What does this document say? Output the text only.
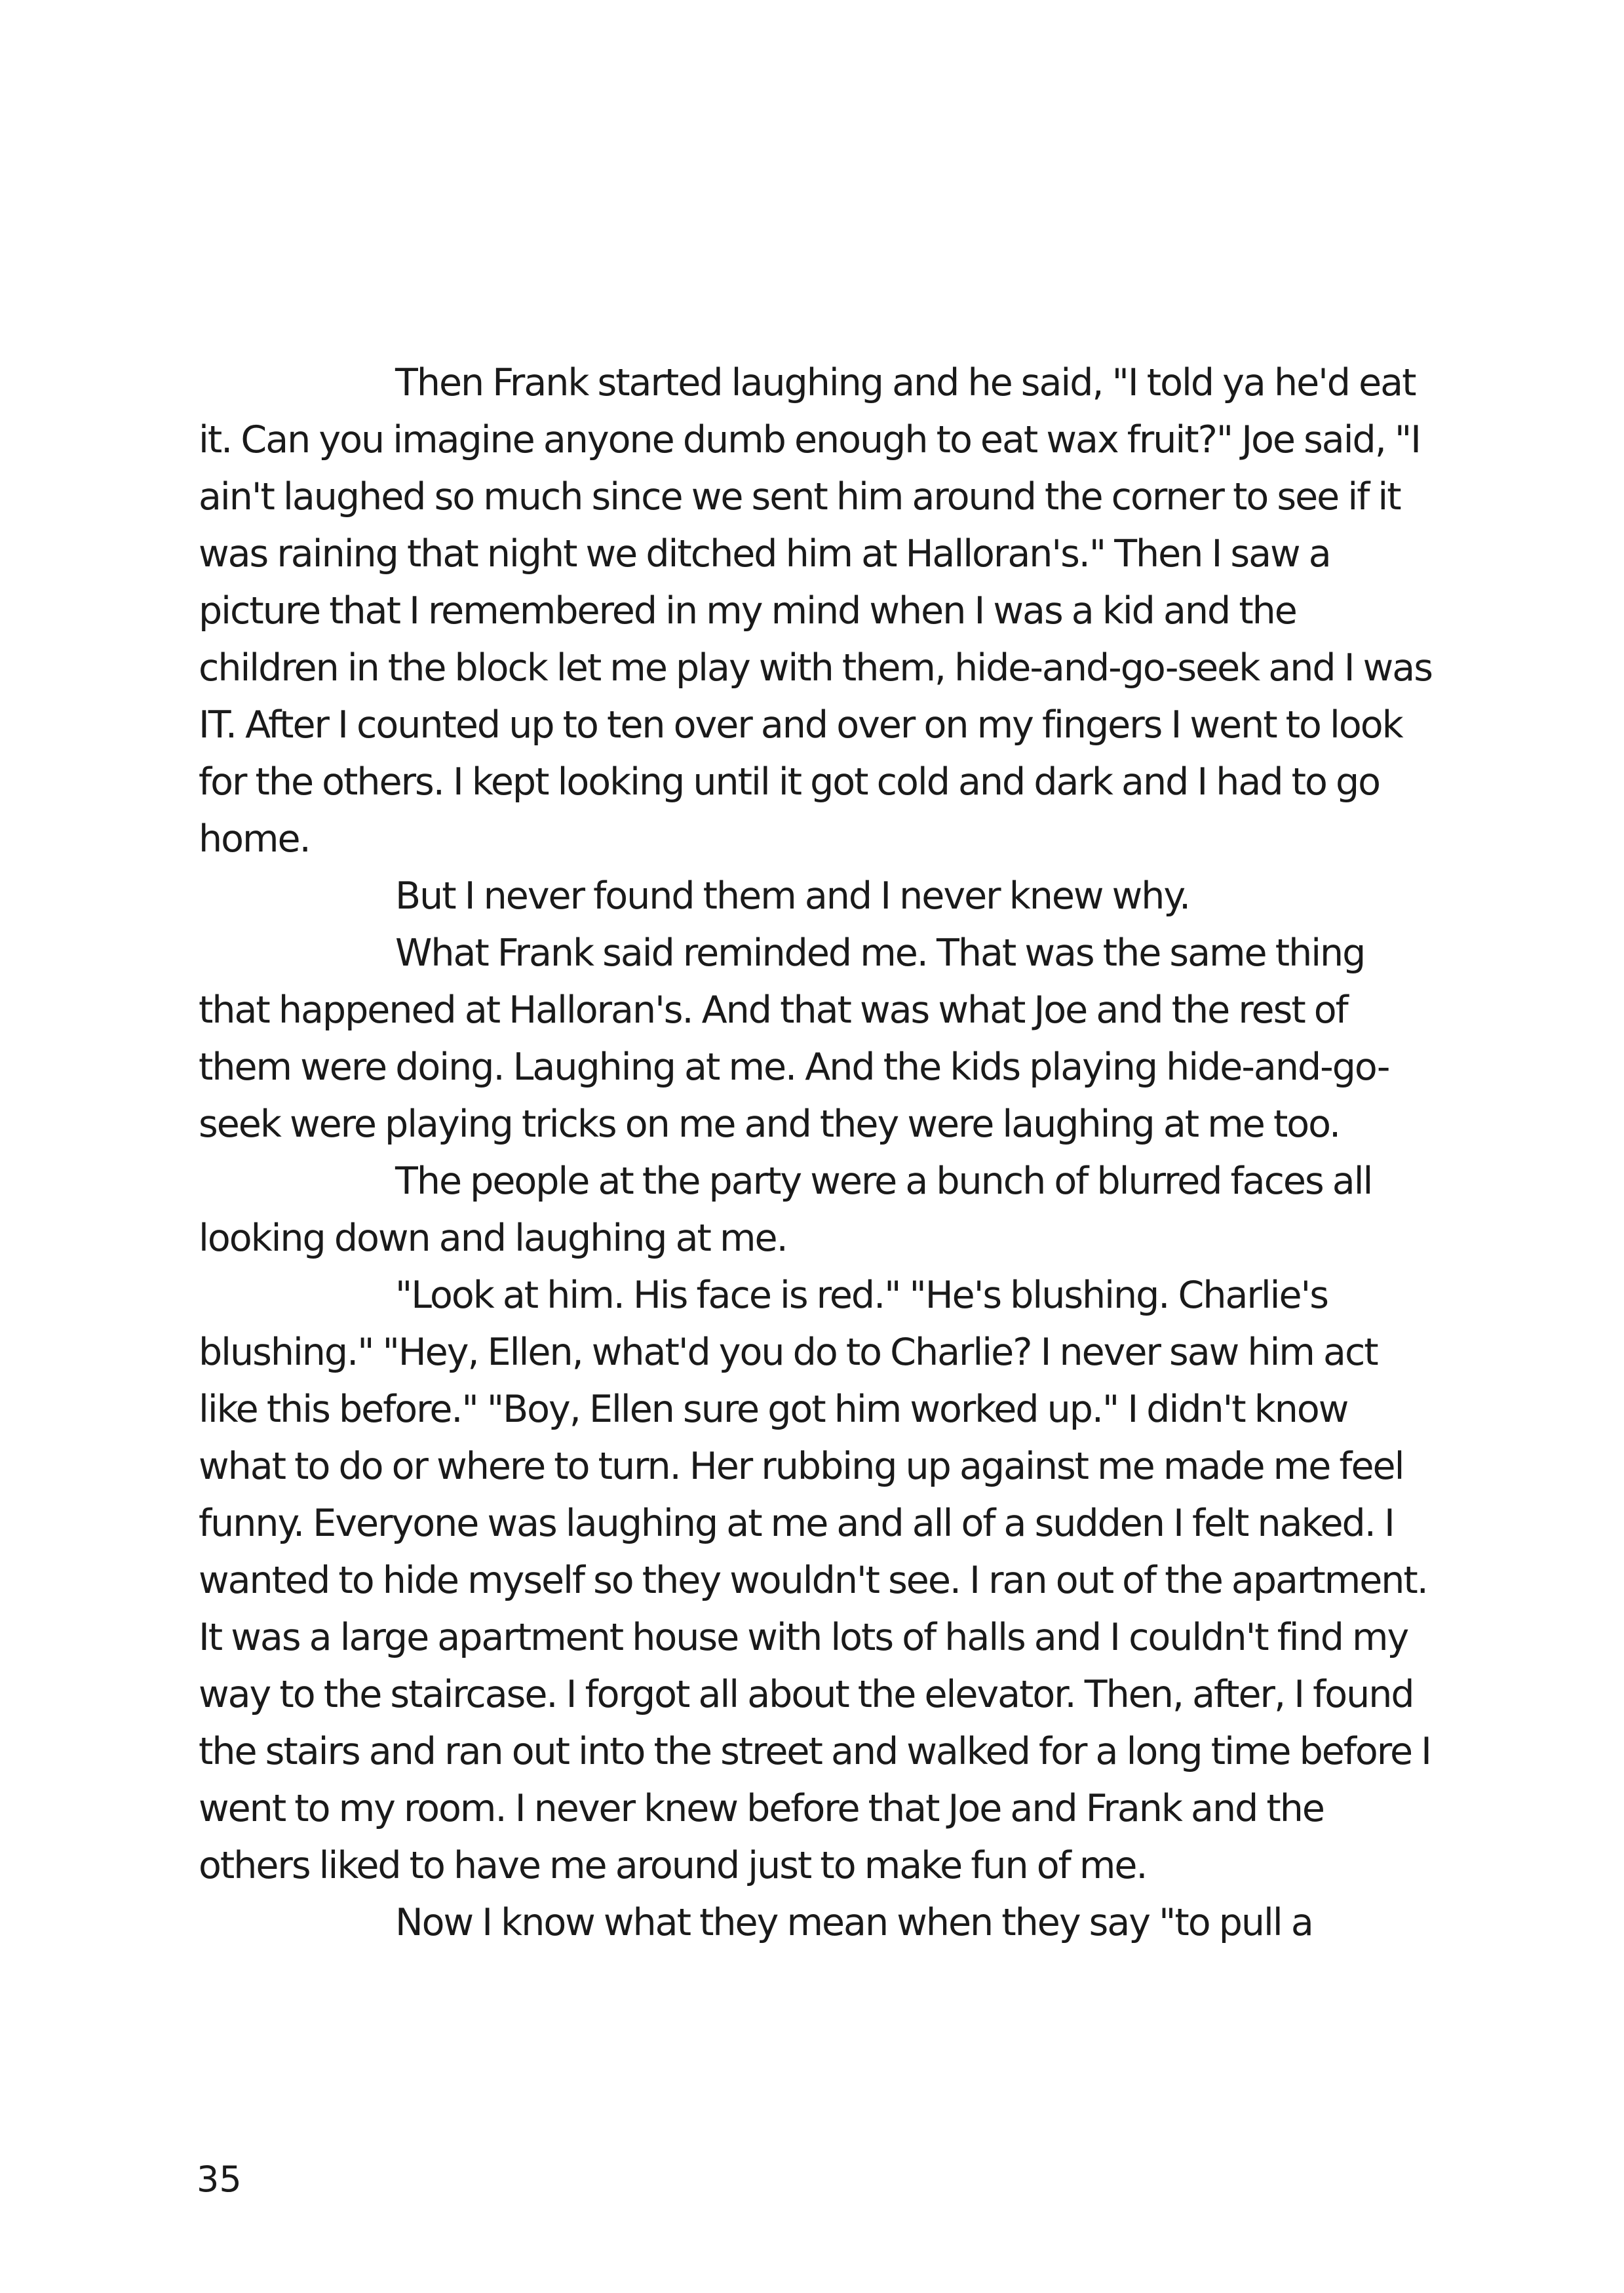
Then Frank started laughing and he said, "I told ya he'd eat it. Can you imagine anyone dumb enough to eat wax fruit?" Joe said, "I ain't laughed so much since we sent him around the corner to see if it was raining that night we ditched him at Halloran's." Then I saw a picture that I remembered in my mind when I was a kid and the children in the block let me play with them, hide-and-go-seek and I was IT. After I counted up to ten over and over on my fingers I went to look for the others. I kept looking until it got cold and dark and I had to go home.

But I never found them and I never knew why.

What Frank said reminded me. That was the same thing that happened at Halloran's. And that was what Joe and the rest of them were doing. Laughing at me. And the kids playing hide-and-go-seek were playing tricks on me and they were laughing at me too.

The people at the party were a bunch of blurred faces all looking down and laughing at me.

"Look at him. His face is red." "He's blushing. Charlie's blushing." "Hey, Ellen, what'd you do to Charlie? I never saw him act like this before." "Boy, Ellen sure got him worked up." I didn't know what to do or where to turn. Her rubbing up against me made me feel funny. Everyone was laughing at me and all of a sudden I felt naked. I wanted to hide myself so they wouldn't see. I ran out of the apartment. It was a large apartment house with lots of halls and I couldn't find my way to the staircase. I forgot all about the elevator. Then, after, I found the stairs and ran out into the street and walked for a long time before I went to my room. I never knew before that Joe and Frank and the others liked to have me around just to make fun of me.

Now I know what they mean when they say "to pull a

35
